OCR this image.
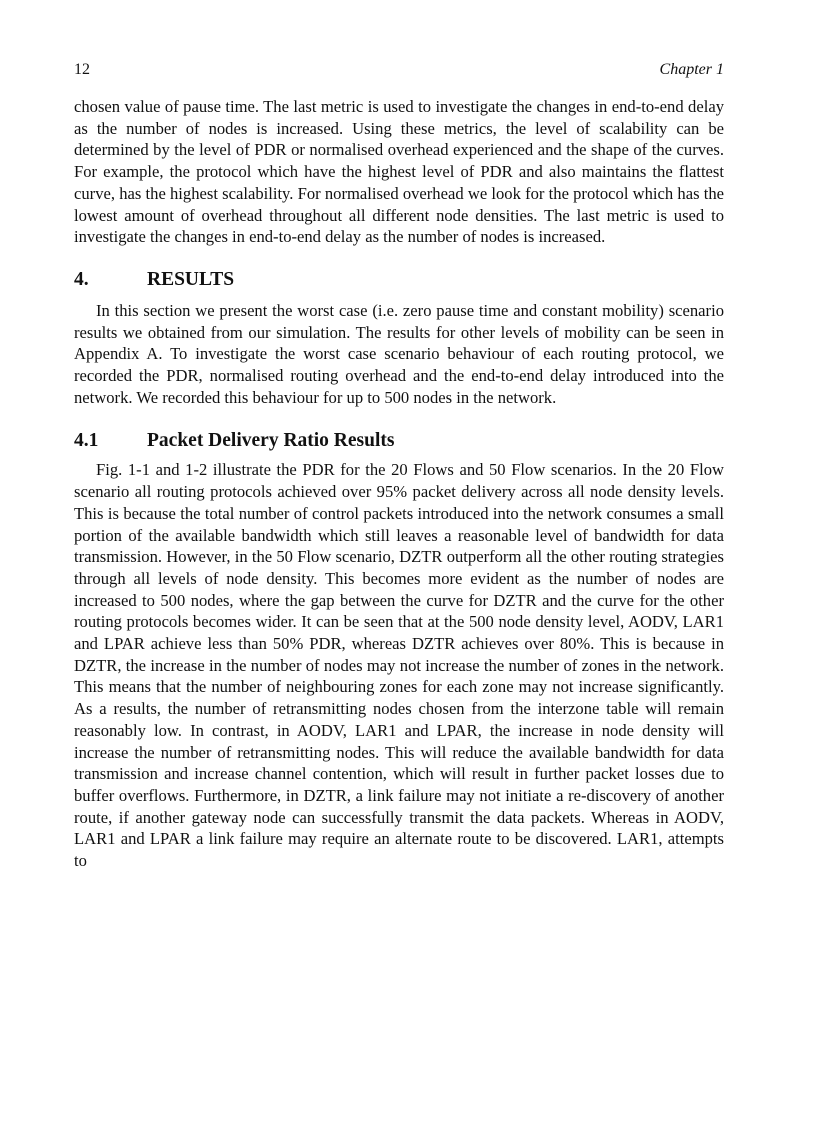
12	Chapter 1

chosen value of pause time. The last metric is used to investigate the changes in end-to-end delay as the number of nodes is increased. Using these metrics, the level of scalability can be determined by the level of PDR or normalised overhead experienced and the shape of the curves. For example, the protocol which have the highest level of PDR and also maintains the flattest curve, has the highest scalability. For normalised overhead we look for the protocol which has the lowest amount of overhead throughout all different node densities. The last metric is used to investigate the changes in end-to-end delay as the number of nodes is increased.

4.	RESULTS

In this section we present the worst case (i.e. zero pause time and constant mobility) scenario results we obtained from our simulation. The results for other levels of mobility can be seen in Appendix A. To investigate the worst case scenario behaviour of each routing protocol, we recorded the PDR, normalised routing overhead and the end-to-end delay introduced into the network. We recorded this behaviour for up to 500 nodes in the network.

4.1 Packet Delivery Ratio Results

Fig. 1-1 and 1-2 illustrate the PDR for the 20 Flows and 50 Flow scenarios. In the 20 Flow scenario all routing protocols achieved over 95% packet delivery across all node density levels. This is because the total number of control packets introduced into the network consumes a small portion of the available bandwidth which still leaves a reasonable level of bandwidth for data transmission. However, in the 50 Flow scenario, DZTR outperform all the other routing strategies through all levels of node density. This becomes more evident as the number of nodes are increased to 500 nodes, where the gap between the curve for DZTR and the curve for the other routing protocols becomes wider. It can be seen that at the 500 node density level, AODV, LAR1 and LPAR achieve less than 50% PDR, whereas DZTR achieves over 80%. This is because in DZTR, the increase in the number of nodes may not increase the number of zones in the network. This means that the number of neighbouring zones for each zone may not increase significantly. As a results, the number of retransmitting nodes chosen from the interzone table will remain reasonably low. In contrast, in AODV, LAR1 and LPAR, the increase in node density will increase the number of retransmitting nodes. This will reduce the available bandwidth for data transmission and increase channel contention, which will result in further packet losses due to buffer overflows. Furthermore, in DZTR, a link failure may not initiate a re-discovery of another route, if another gateway node can successfully transmit the data packets. Whereas in AODV, LAR1 and LPAR a link failure may require an alternate route to be discovered. LAR1, attempts to
